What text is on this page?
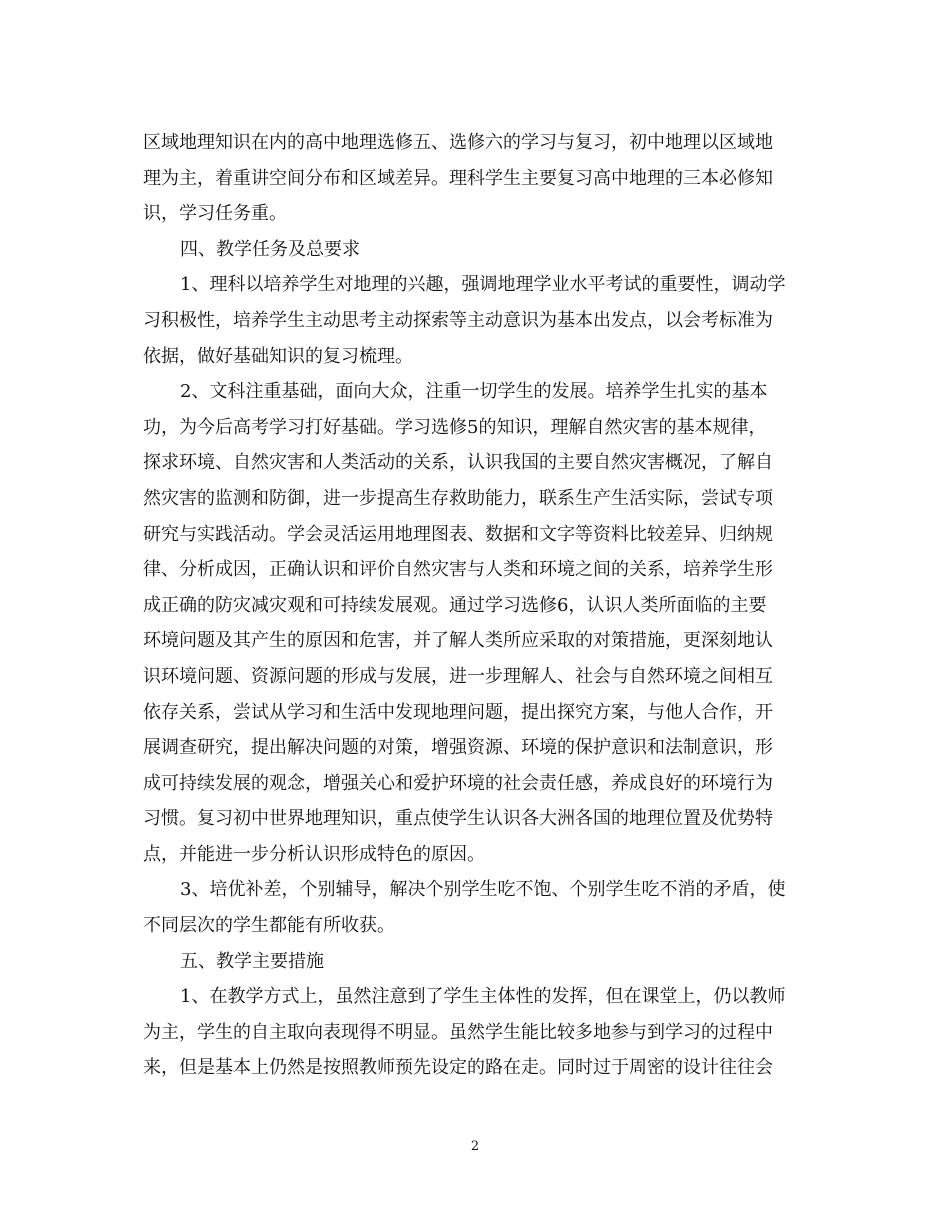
区域地理知识在内的高中地理选修五、选修六的学习与复习，初中地理以区域地
理为主，着重讲空间分布和区域差异。理科学生主要复习高中地理的三本必修知
识，学习任务重。
四、教学任务及总要求
1、理科以培养学生对地理的兴趣，强调地理学业水平考试的重要性，调动学
习积极性，培养学生主动思考主动探索等主动意识为基本出发点，以会考标准为
依据，做好基础知识的复习梳理。
2、文科注重基础，面向大众，注重一切学生的发展。培养学生扎实的基本
功，为今后高考学习打好基础。学习选修5的知识，理解自然灾害的基本规律，
探求环境、自然灾害和人类活动的关系，认识我国的主要自然灾害概况，了解自
然灾害的监测和防御，进一步提高生存救助能力，联系生产生活实际，尝试专项
研究与实践活动。学会灵活运用地理图表、数据和文字等资料比较差异、归纳规
律、分析成因，正确认识和评价自然灾害与人类和环境之间的关系，培养学生形
成正确的防灾减灾观和可持续发展观。通过学习选修6，认识人类所面临的主要
环境问题及其产生的原因和危害，并了解人类所应采取的对策措施，更深刻地认
识环境问题、资源问题的形成与发展，进一步理解人、社会与自然环境之间相互
依存关系，尝试从学习和生活中发现地理问题，提出探究方案，与他人合作，开
展调查研究，提出解决问题的对策，增强资源、环境的保护意识和法制意识，形
成可持续发展的观念，增强关心和爱护环境的社会责任感，养成良好的环境行为
习惯。复习初中世界地理知识，重点使学生认识各大洲各国的地理位置及优势特
点，并能进一步分析认识形成特色的原因。
3、培优补差，个别辅导，解决个别学生吃不饱、个别学生吃不消的矛盾，使
不同层次的学生都能有所收获。
五、教学主要措施
1、在教学方式上，虽然注意到了学生主体性的发挥，但在课堂上，仍以教师
为主，学生的自主取向表现得不明显。虽然学生能比较多地参与到学习的过程中
来，但是基本上仍然是按照教师预先设定的路在走。同时过于周密的设计往往会
2
